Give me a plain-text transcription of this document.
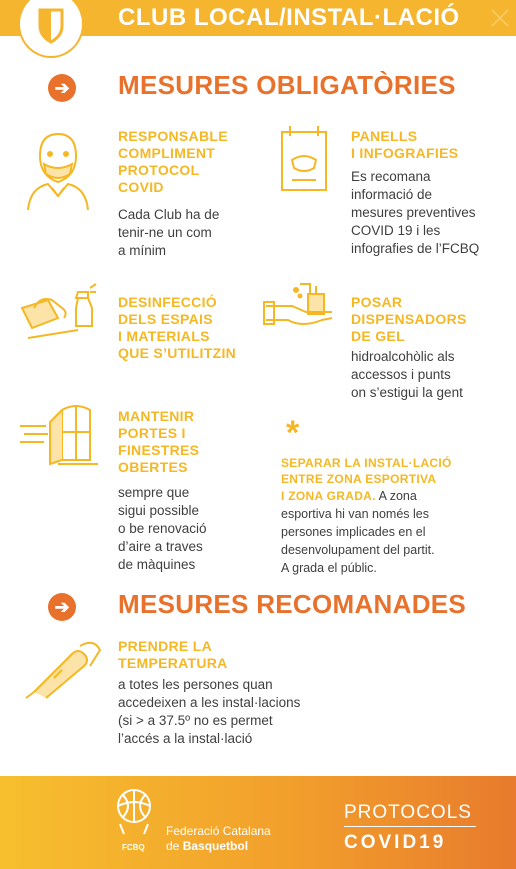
CLUB LOCAL/INSTAL·LACIÓ
➔ MESURES OBLIGATÒRIES
RESPONSABLE
COMPLIMENT
PROTOCOL
COVID
Cada Club ha de
tenir-ne un com
a mínim
PANELLS
I INFOGRAFIES
Es recomana
informació de
mesures preventives
COVID 19 i les
infografies de l’FCBQ
DESINFECCIÓ
DELS ESPAIS
I MATERIALS
QUE S’UTILITZIN
POSAR
DISPENSADORS
DE GEL
hidroalcohòlic als
accessos i punts
on s’estigui la gent
MANTENIR
PORTES I
FINESTRES
OBERTES
sempre que
sigui possible
o be renovació
d’aire a traves
de màquines
*
SEPARAR LA INSTAL·LACIÓ
ENTRE ZONA ESPORTIVA
I ZONA GRADA. A zona
esportiva hi van només les
persones implicades en el
desenvolupament del partit.
A grada el públic.
➔ MESURES RECOMANADES
PRENDRE LA
TEMPERATURA
a totes les persones quan
accedeixen a les instal·lacions
(si > a 37.5º no es permet
l’accés a la instal·lació
FCBQ
Federació Catalana
de Basquetbol
PROTOCOLS
COVID19
